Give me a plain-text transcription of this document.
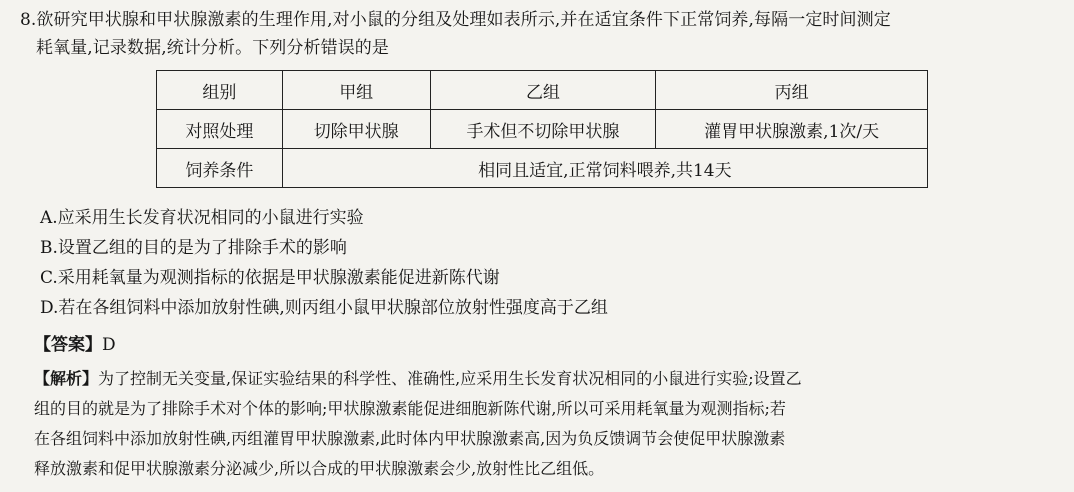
8.欲研究甲状腺和甲状腺激素的生理作用,对小鼠的分组及处理如表所示,并在适宜条件下正常饲养,每隔一定时间测定
耗氧量,记录数据,统计分析。下列分析错误的是
组别	甲组	乙组	丙组
对照处理	切除甲状腺	手术但不切除甲状腺	灌胃甲状腺激素,1次/天
饲养条件	相同且适宜,正常饲料喂养,共14天		
A.应采用生长发育状况相同的小鼠进行实验
B.设置乙组的目的是为了排除手术的影响
C.采用耗氧量为观测指标的依据是甲状腺激素能促进新陈代谢
D.若在各组饲料中添加放射性碘,则丙组小鼠甲状腺部位放射性强度高于乙组
【答案】D
【解析】为了控制无关变量,保证实验结果的科学性、准确性,应采用生长发育状况相同的小鼠进行实验;设置乙
组的目的就是为了排除手术对个体的影响;甲状腺激素能促进细胞新陈代谢,所以可采用耗氧量为观测指标;若
在各组饲料中添加放射性碘,丙组灌胃甲状腺激素,此时体内甲状腺激素高,因为负反馈调节会使促甲状腺激素
释放激素和促甲状腺激素分泌减少,所以合成的甲状腺激素会少,放射性比乙组低。
